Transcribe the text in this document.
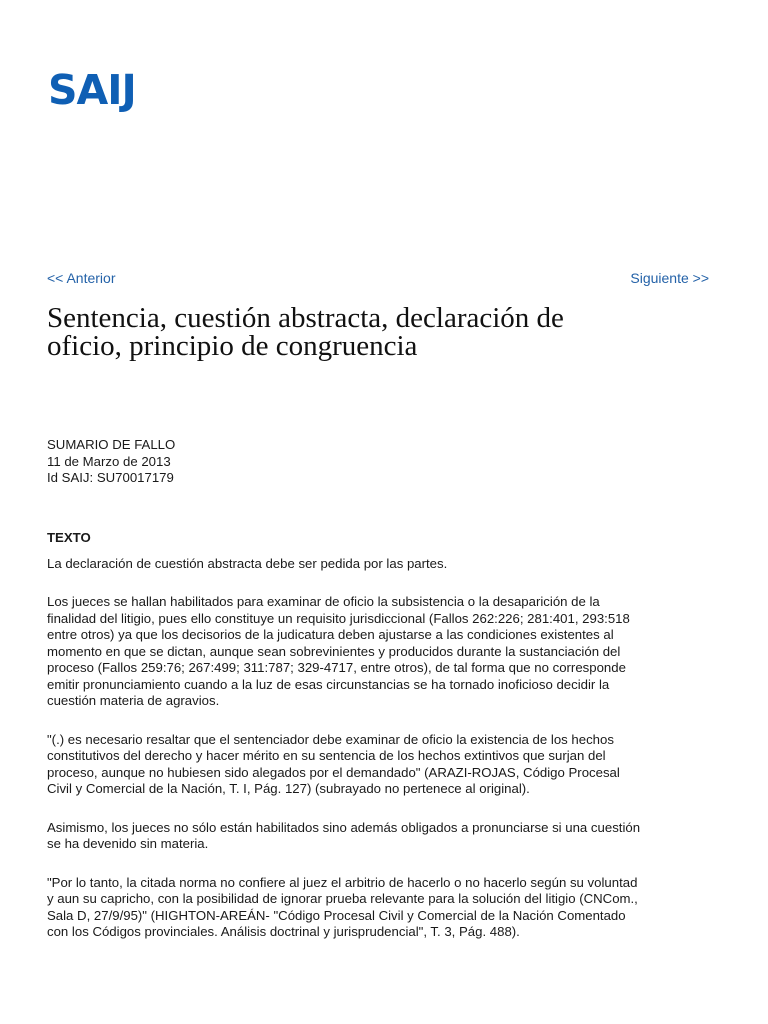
SAIJ
<< Anterior	Siguiente >>
Sentencia, cuestión abstracta, declaración de oficio, principio de congruencia
SUMARIO DE FALLO
11 de Marzo de 2013
Id SAIJ: SU70017179
TEXTO

La declaración de cuestión abstracta debe ser pedida por las partes.

Los jueces se hallan habilitados para examinar de oficio la subsistencia o la desaparición de la finalidad del litigio, pues ello constituye un requisito jurisdiccional (Fallos 262:226; 281:401, 293:518 entre otros) ya que los decisorios de la judicatura deben ajustarse a las condiciones existentes al momento en que se dictan, aunque sean sobrevinientes y producidos durante la sustanciación del proceso (Fallos 259:76; 267:499; 311:787; 329-4717, entre otros), de tal forma que no corresponde emitir pronunciamiento cuando a la luz de esas circunstancias se ha tornado inoficioso decidir la cuestión materia de agravios.

"(.) es necesario resaltar que el sentenciador debe examinar de oficio la existencia de los hechos constitutivos del derecho y hacer mérito en su sentencia de los hechos extintivos que surjan del proceso, aunque no hubiesen sido alegados por el demandado" (ARAZI-ROJAS, Código Procesal Civil y Comercial de la Nación, T. I, Pág. 127) (subrayado no pertenece al original).

Asimismo, los jueces no sólo están habilitados sino además obligados a pronunciarse si una cuestión se ha devenido sin materia.

"Por lo tanto, la citada norma no confiere al juez el arbitrio de hacerlo o no hacerlo según su voluntad y aun su capricho, con la posibilidad de ignorar prueba relevante para la solución del litigio (CNCom., Sala D, 27/9/95)" (HIGHTON-AREÁN- "Código Procesal Civil y Comercial de la Nación Comentado con los Códigos provinciales. Análisis doctrinal y jurisprudencial", T. 3, Pág. 488).
